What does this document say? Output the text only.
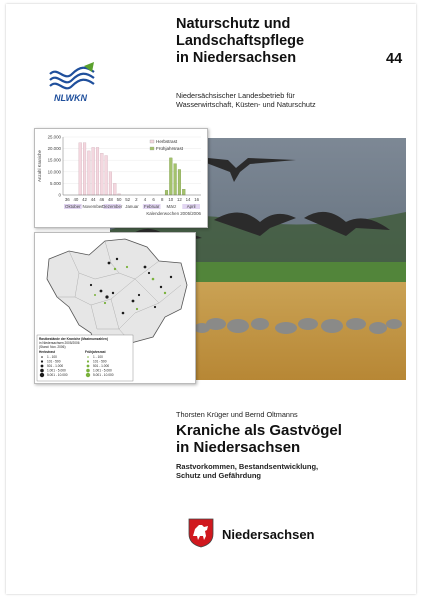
Naturschutz und
Landschaftspflege
in Niedersachsen	44
NLWKN	Niedersächsischer Landesbetrieb für
Wasserwirtschaft, Küsten- und Naturschutz
0
5.000
10.000
15.000
20.000
25.000
36 40 42 44 46 48 50 52 2 4 6 8 10 12 14 16
Oktober November Dezember Januar Februar März April
Anzahl Kraniche
Kalenderwochen 2005/2006
Herbstrast
Frühjahrsrast
Rastbestände der Kraniche (Maximumzahlen)
in Niedersachsen 2005/2006
(Stand: Nov. 2006)
Herbstrast	Frühjahrsrast
1 - 100
101 - 500
501 - 1.000
1.001 - 5.000
5.001 - 10.000
1 - 100
101 - 500
501 - 1.000
1.001 - 5.000
5.001 - 10.000
Thorsten Krüger und Bernd Oltmanns
Kraniche als Gastvögel
in Niedersachsen
Rastvorkommen, Bestandsentwicklung,
Schutz und Gefährdung
Niedersachsen
